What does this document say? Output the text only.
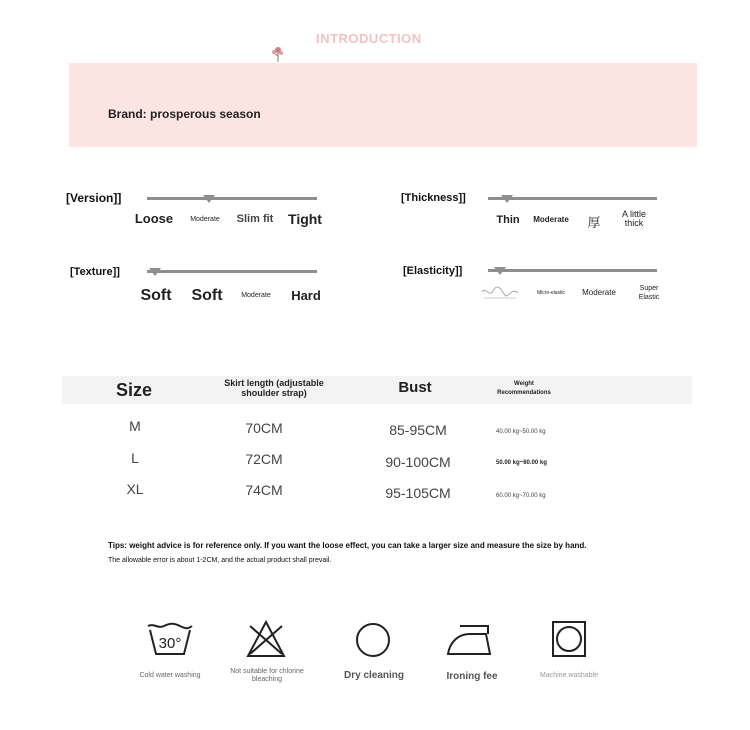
INTRODUCTION
Brand: prosperous season
[Version]]
Loose	Moderate	Slim fit	Tight
[Thickness]]
Thin	Moderate	厚
A little thick
[Texture]]
Soft	Soft	Moderate	Hard
[Elasticity]]
Micro-elastic	Moderate	Super Elastic
Size	Skirt length (adjustable shoulder strap)	Bust	Weight Recommendations
M	70CM	85-95CM	40.00 kg~50.00 kg
L	72CM	90-100CM	50.00 kg~60.00 kg
XL	74CM	95-105CM	60.00 kg~70.00 kg
Tips: weight advice is for reference only. If you want the loose effect, you can take a larger size and measure the size by hand.
The allowable error is about 1-2CM, and the actual product shall prevail.
30°
Cold water washing
Not suitable for chlorine bleaching	Dry cleaning	Ironing fee	Machine washable
